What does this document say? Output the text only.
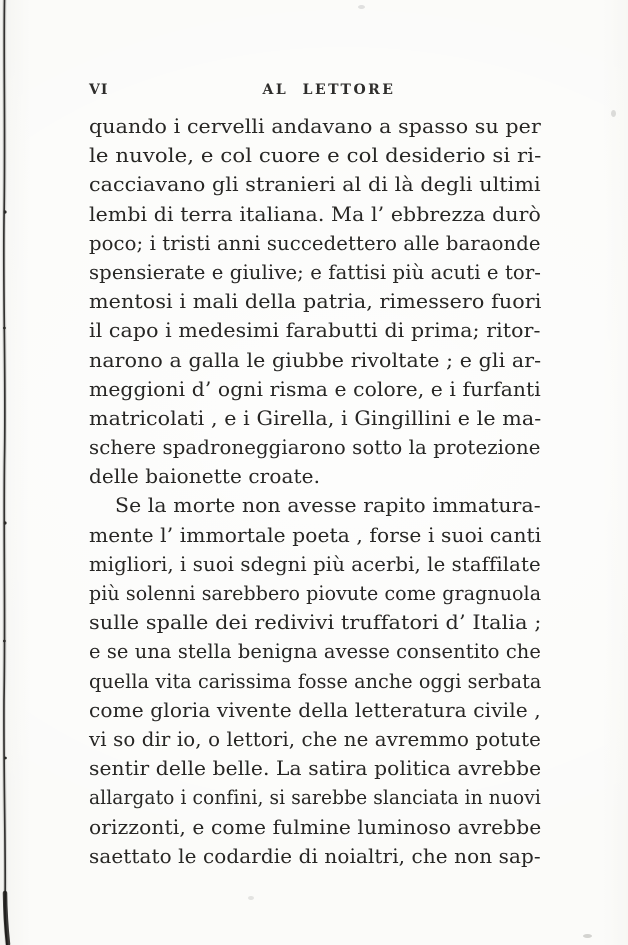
VI	AL LETTORE
quando i cervelli andavano a spasso su per
le nuvole, e col cuore e col desiderio si ri-
cacciavano gli stranieri al di là degli ultimi
lembi di terra italiana. Ma l’ ebbrezza durò
poco; i tristi anni succedettero alle baraonde
spensierate e giulive; e fattisi più acuti e tor-
mentosi i mali della patria, rimessero fuori
il capo i medesimi farabutti di prima; ritor-
narono a galla le giubbe rivoltate ; e gli ar-
meggioni d’ ogni risma e colore, e i furfanti
matricolati , e i Girella, i Gingillini e le ma-
schere spadroneggiarono sotto la protezione
delle baionette croate.
Se la morte non avesse rapito immatura-
mente l’ immortale poeta , forse i suoi canti
migliori, i suoi sdegni più acerbi, le staffilate
più solenni sarebbero piovute come gragnuola
sulle spalle dei redivivi truffatori d’ Italia ;
e se una stella benigna avesse consentito che
quella vita carissima fosse anche oggi serbata
come gloria vivente della letteratura civile ,
vi so dir io, o lettori, che ne avremmo potute
sentir delle belle. La satira politica avrebbe
allargato i confini, si sarebbe slanciata in nuovi
orizzonti, e come fulmine luminoso avrebbe
saettato le codardie di noialtri, che non sap-
